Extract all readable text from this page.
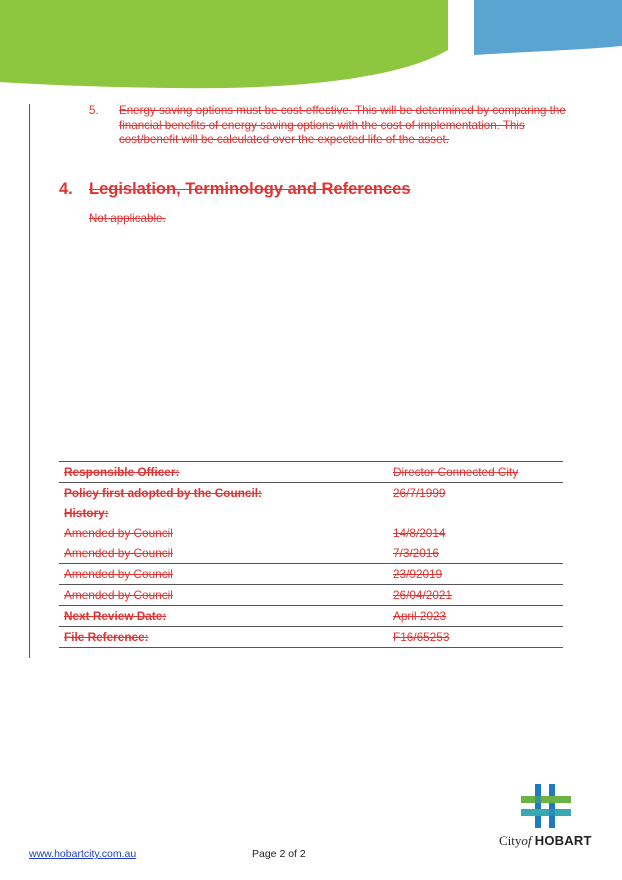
5. Energy saving options must be cost-effective. This will be determined by comparing the financial benefits of energy saving options with the cost of implementation. This cost/benefit will be calculated over the expected life of the asset.
4. Legislation, Terminology and References
Not applicable.
Responsible Officer:	Director Connected City
Policy first adopted by the Council:	26/7/1999
History:	
Amended by Council	14/8/2014
Amended by Council	7/3/2016
Amended by Council	23/92019
Amended by Council	26/04/2021
Next Review Date:	April 2023
File Reference:	F16/65253
Cityof HOBART
www.hobartcity.com.au	Page 2 of 2
